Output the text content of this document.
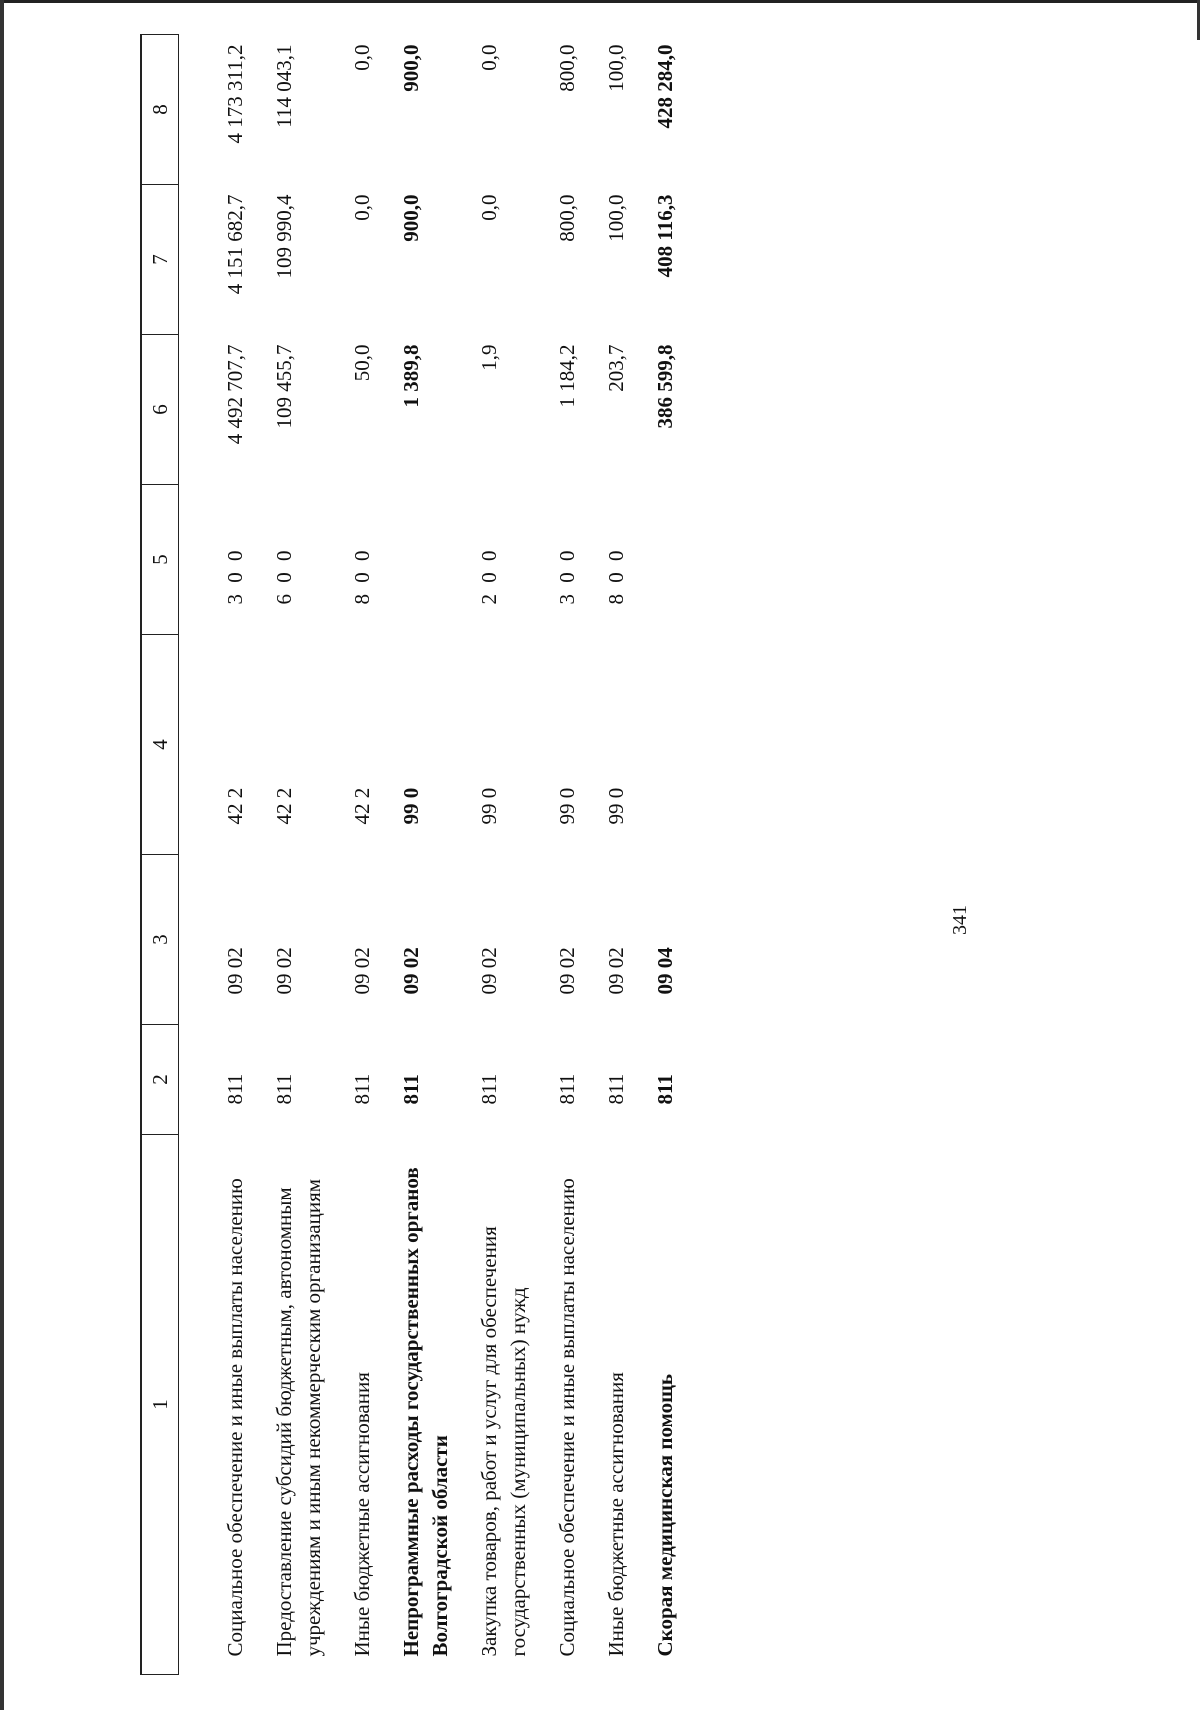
341
1	2	3	4	5	6	7	8

Социальное обеспечение и иные выплаты населению	811	09 02	42 2	3 0 0	4 492 707,7	4 151 682,7	4 173 311,2
Предоставление субсидий бюджетным, автономным учреждениям и иным некоммерческим организациям	811	09 02	42 2	6 0 0	109 455,7	109 990,4	114 043,1
Иные бюджетные ассигнования	811	09 02	42 2	8 0 0	50,0	0,0	0,0
Непрограммные расходы государственных органов Волгоградской области	811	09 02	99 0		1 389,8	900,0	900,0
Закупка товаров, работ и услуг для обеспечения государственных (муниципальных) нужд	811	09 02	99 0	2 0 0	1,9	0,0	0,0
Социальное обеспечение и иные выплаты населению	811	09 02	99 0	3 0 0	1 184,2	800,0	800,0
Иные бюджетные ассигнования	811	09 02	99 0	8 0 0	203,7	100,0	100,0
Скорая медицинская помощь	811	09 04			386 599,8	408 116,3	428 284,0
